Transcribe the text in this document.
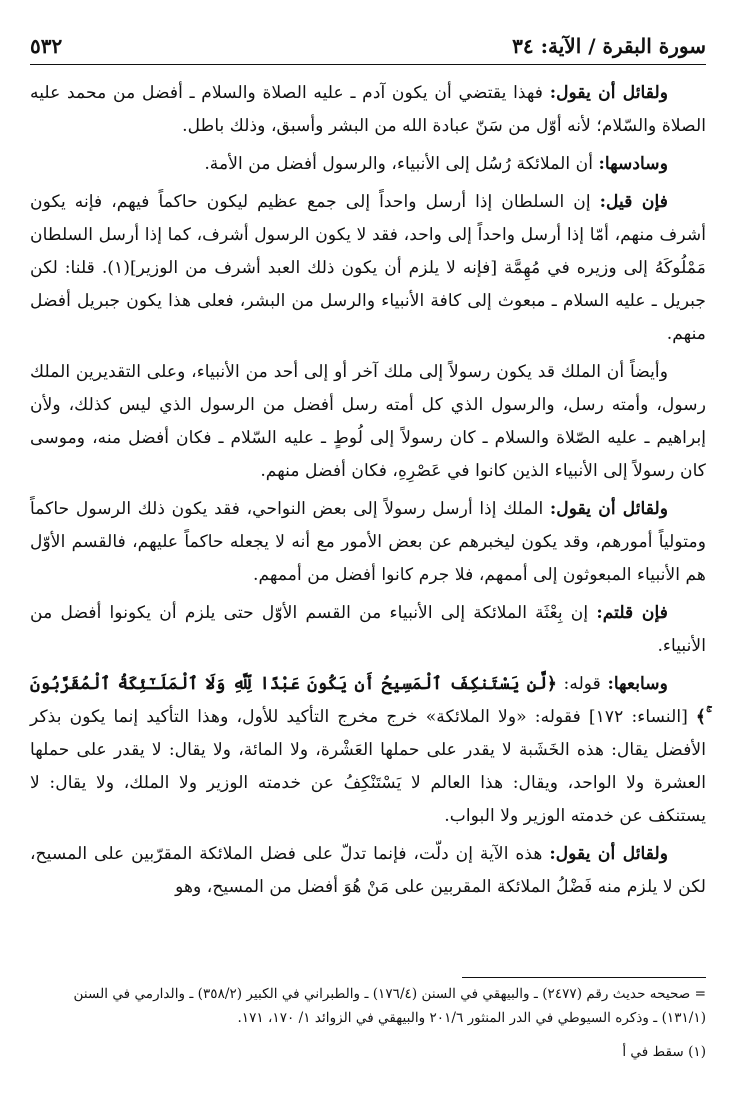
سورة البقرة / الآية: ٣٤
٥٣٢

ولقائل أن يقول: فهذا يقتضي أن يكون آدم ـ عليه الصلاة والسلام ـ أفضل من محمد عليه الصلاة والسّلام؛ لأنه أوّل من سَنّ عبادة الله من البشر وأسبق، وذلك باطل.

وسادسها: أن الملائكة رُسُل إلى الأنبياء، والرسول أفضل من الأمة.

فإن قيل: إن السلطان إذا أرسل واحداً إلى جمع عظيم ليكون حاكماً فيهم، فإنه يكون أشرف منهم، أمّا إذا أرسل واحداً إلى واحد، فقد لا يكون الرسول أشرف، كما إذا أرسل السلطان مَمْلُوكَهُ إلى وزيره في مُهِمَّة [فإنه لا يلزم أن يكون ذلك العبد أشرف من الوزير](١). قلنا: لكن جبريل ـ عليه السلام ـ مبعوث إلى كافة الأنبياء والرسل من البشر، فعلى هذا يكون جبريل أفضل منهم.

وأيضاً أن الملك قد يكون رسولاً إلى ملك آخر أو إلى أحد من الأنبياء، وعلى التقديرين الملك رسول، وأمته رسل، والرسول الذي كل أمته رسل أفضل من الرسول الذي ليس كذلك، ولأن إبراهيم ـ عليه الصّلاة والسلام ـ كان رسولاً إلى لُوطٍ ـ عليه السّلام ـ فكان أفضل منه، وموسى كان رسولاً إلى الأنبياء الذين كانوا في عَصْرِهِ، فكان أفضل منهم.

ولقائل أن يقول: الملك إذا أرسل رسولاً إلى بعض النواحي، فقد يكون ذلك الرسول حاكماً ومتولياً أمورهم، وقد يكون ليخبرهم عن بعض الأمور مع أنه لا يجعله حاكماً عليهم، فالقسم الأوّل هم الأنبياء المبعوثون إلى أممهم، فلا جرم كانوا أفضل من أممهم.

فإن قلتم: إن بِعْثَة الملائكة إلى الأنبياء من القسم الأوّل حتى يلزم أن يكونوا أفضل من الأنبياء.

وسابعها: قوله: ﴿لَّن يَسْتَنكِفَ ٱلْمَسِيحُ أَن يَكُونَ عَبْدًا لِّلَّهِ وَلَا ٱلْمَلَـٰٓئِكَةُ ٱلْمُقَرَّبُونَ ۚ﴾ [النساء: ١٧٢] فقوله: «ولا الملائكة» خرج مخرج التأكيد للأول، وهذا التأكيد إنما يكون بذكر الأفضل يقال: هذه الخَشَبة لا يقدر على حملها العَشْرة، ولا المائة، ولا يقال: لا يقدر على حملها العشرة ولا الواحد، ويقال: هذا العالم لا يَسْتَنْكِفُ عن خدمته الوزير ولا الملك، ولا يقال: لا يستنكف عن خدمته الوزير ولا البواب.

ولقائل أن يقول: هذه الآية إن دلّت، فإنما تدلّ على فضل الملائكة المقرّبين على المسيح، لكن لا يلزم منه فَضْلُ الملائكة المقربين على مَنْ هُوَ أفضل من المسيح، وهو

= صحيحه حديث رقم (٢٤٧٧) ـ والبيهقي في السنن (١٧٦/٤) ـ والطبراني في الكبير (٣٥٨/٢) ـ والدارمي في السنن (١٣١/١) ـ وذكره السيوطي في الدر المنثور ٢٠١/٦ والبيهقي في الزوائد ١/ ١٧٠، ١٧١.

(١) سقط في أ
